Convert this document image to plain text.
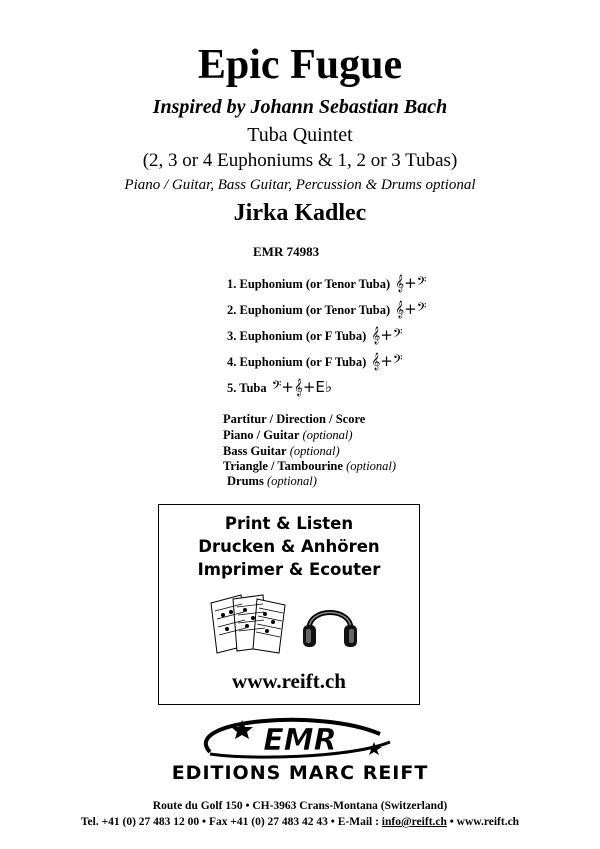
Epic Fugue
Inspired by Johann Sebastian Bach
Tuba Quintet
(2, 3 or 4 Euphoniums & 1, 2 or 3 Tubas)
Piano / Guitar, Bass Guitar, Percussion & Drums optional
Jirka Kadlec
EMR 74983
1. Euphonium (or Tenor Tuba) 𝄞+𝄢
2. Euphonium (or Tenor Tuba) 𝄞+𝄢
3. Euphonium (or F Tuba) 𝄞+𝄢
4. Euphonium (or F Tuba) 𝄞+𝄢
5. Tuba 𝄢+𝄞+E♭
Partitur / Direction / Score
Piano / Guitar (optional)
Bass Guitar (optional)
Triangle / Tambourine (optional)
Drums (optional)
Print & Listen
Drucken & Anhören
Imprimer & Ecouter
www.reift.ch
EMR
EDITIONS MARC REIFT
Route du Golf 150 • CH-3963 Crans-Montana (Switzerland)
Tel. +41 (0) 27 483 12 00 • Fax +41 (0) 27 483 42 43 • E-Mail : info@reift.ch • www.reift.ch
